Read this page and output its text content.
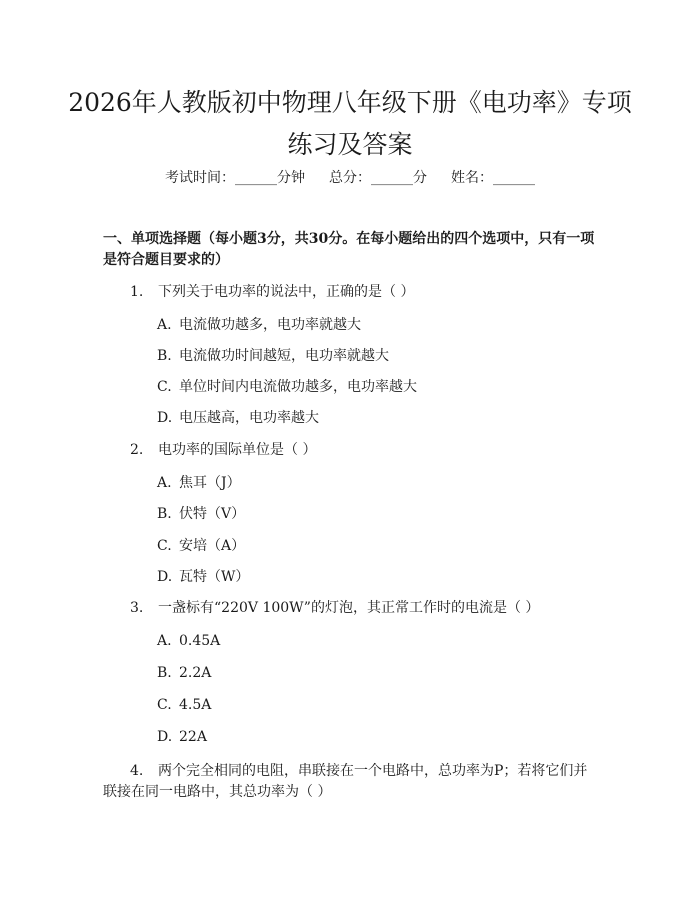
2026年人教版初中物理八年级下册《电功率》专项练习及答案
考试时间：______分钟 总分：______分 姓名：______
一、单项选择题（每小题3分，共30分。在每小题给出的四个选项中，只有一项是符合题目要求的）
1. 下列关于电功率的说法中，正确的是（ ）
A. 电流做功越多，电功率就越大
B. 电流做功时间越短，电功率就越大
C. 单位时间内电流做功越多，电功率越大
D. 电压越高，电功率越大
2. 电功率的国际单位是（ ）
A. 焦耳（J）
B. 伏特（V）
C. 安培（A）
D. 瓦特（W）
3. 一盏标有“220V 100W”的灯泡，其正常工作时的电流是（ ）
A. 0.45A
B. 2.2A
C. 4.5A
D. 22A
4. 两个完全相同的电阻，串联接在一个电路中，总功率为P；若将它们并联接在同一电路中，其总功率为（ ）
